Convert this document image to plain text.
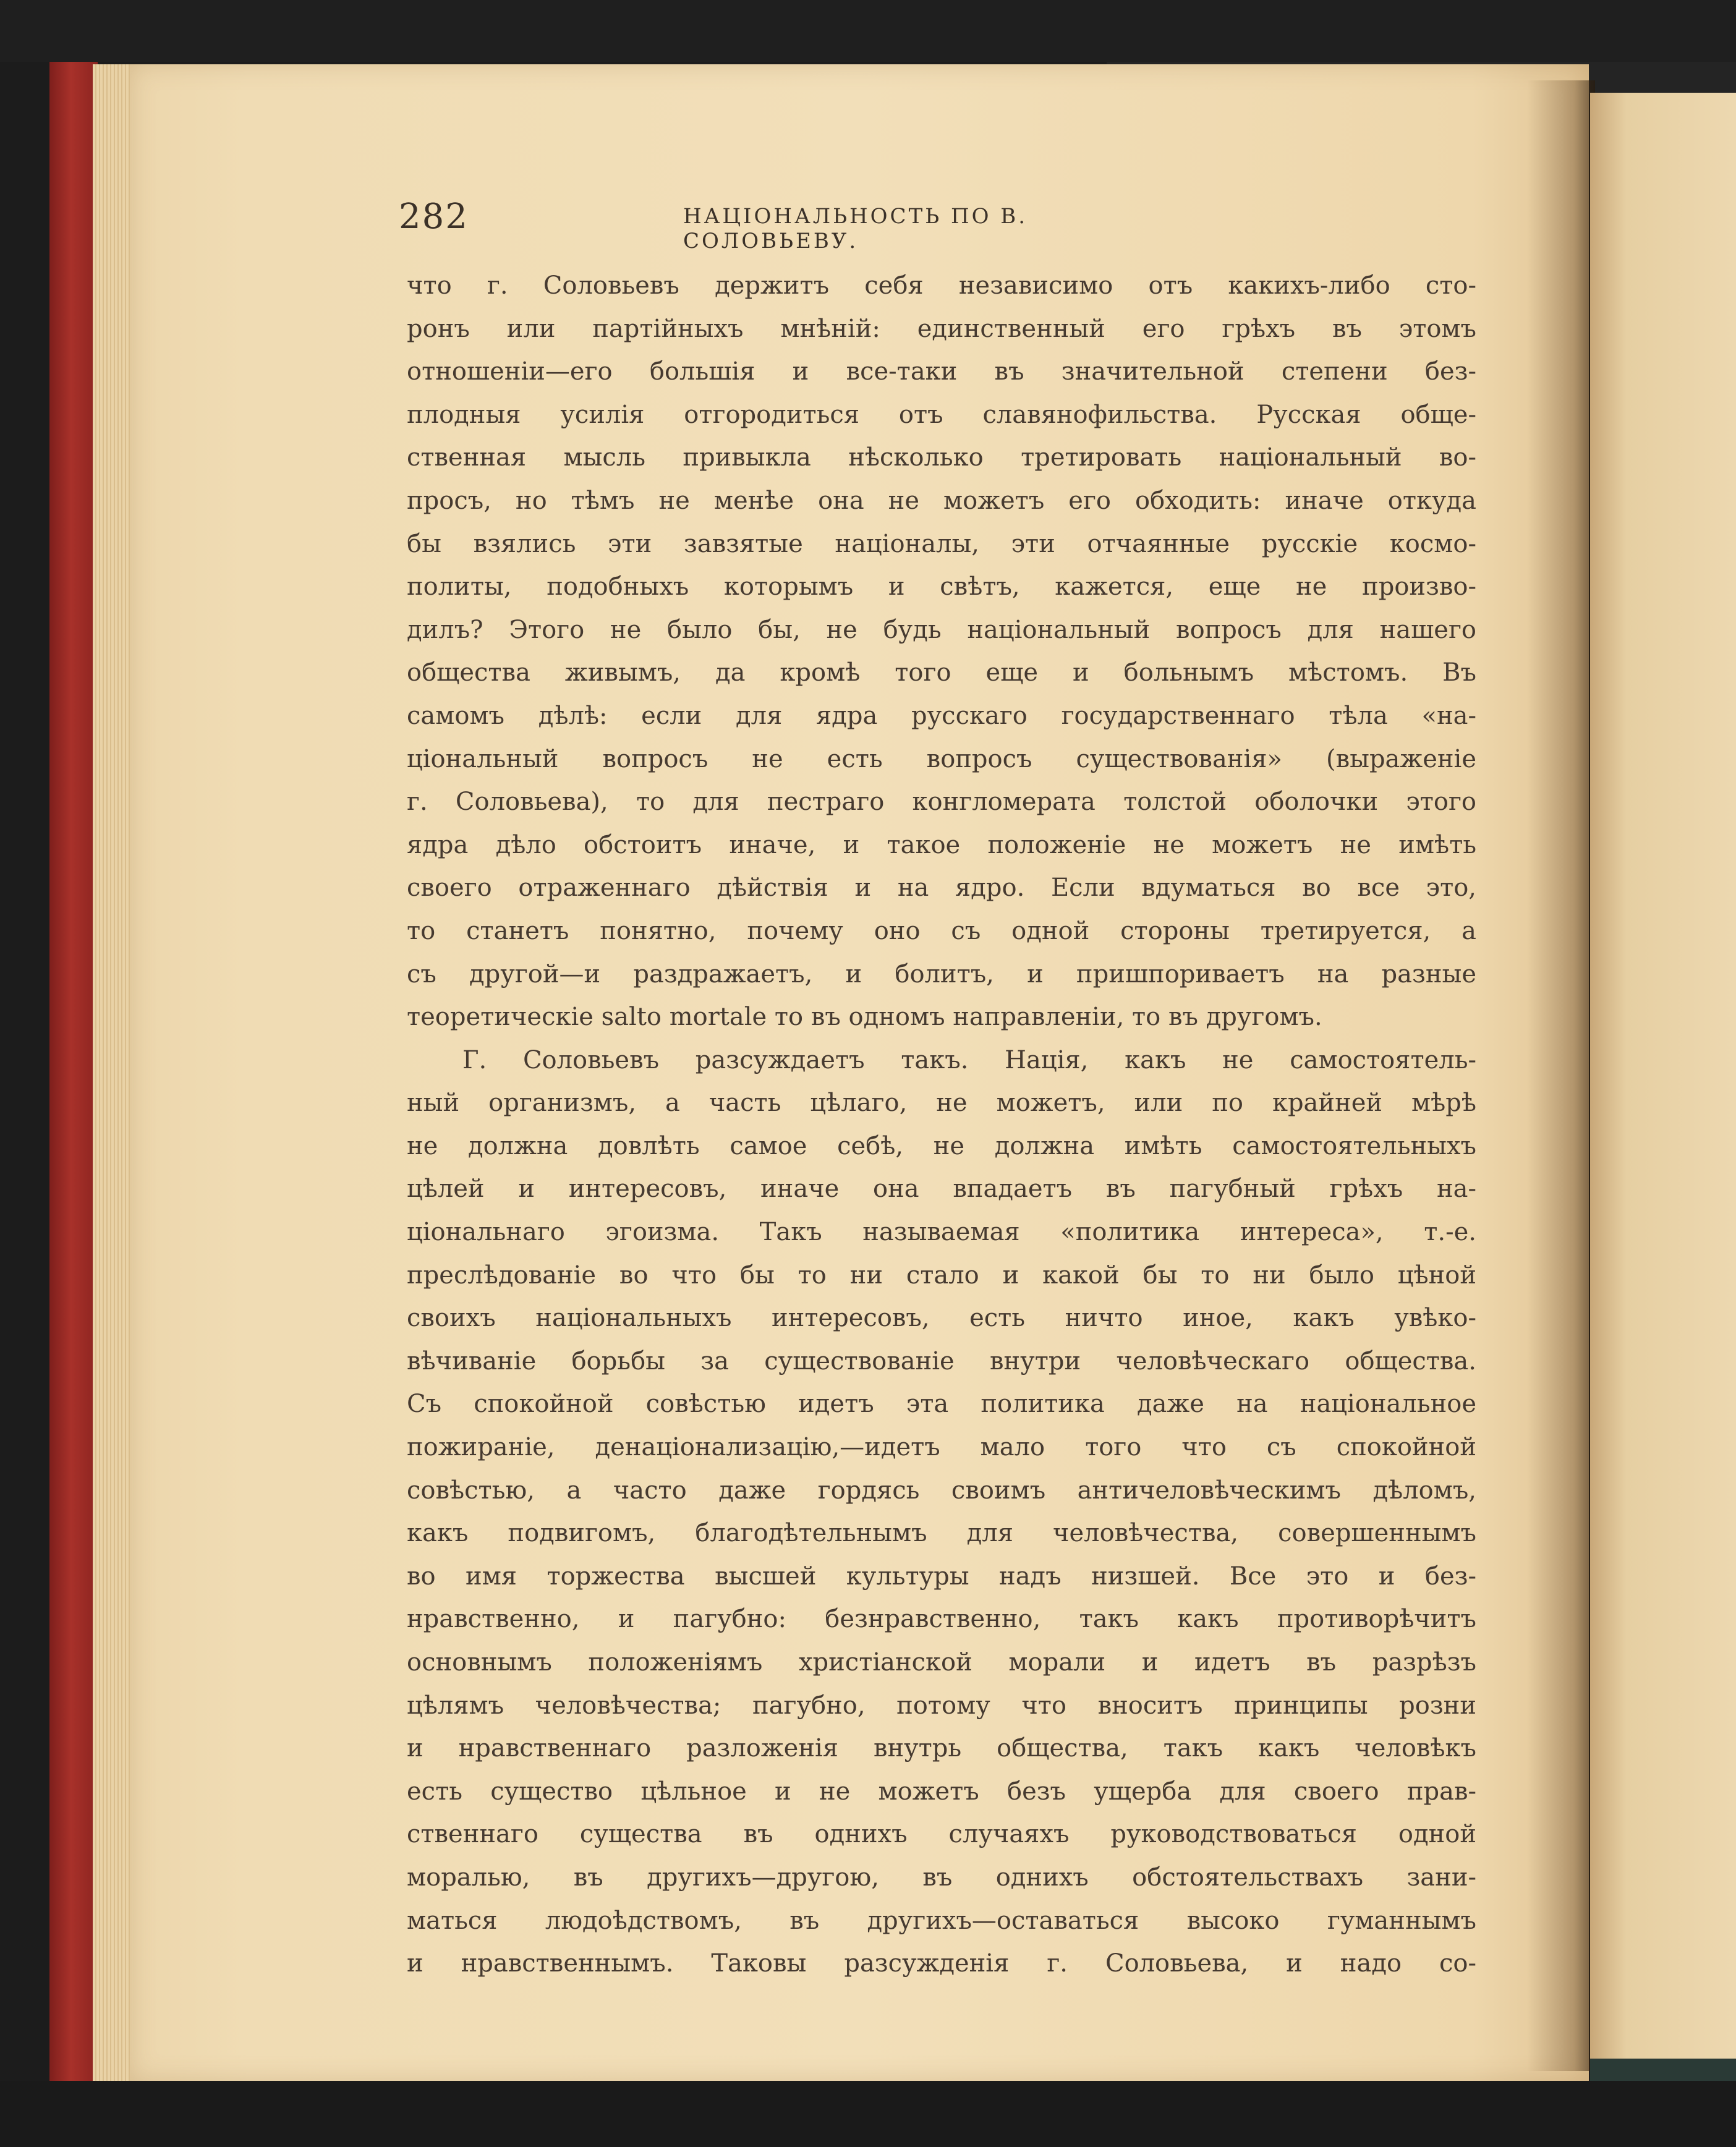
282	НАЦІОНАЛЬНОСТЬ ПО В. СОЛОВЬЕВУ.
что г. Соловьевъ держитъ себя независимо отъ какихъ-либо сто-
ронъ или партійныхъ мнѣній: единственный его грѣхъ въ этомъ
отношеніи—его большія и все-таки въ значительной степени без-
плодныя усилія отгородиться отъ славянофильства. Русская обще-
ственная мысль привыкла нѣсколько третировать національный во-
просъ, но тѣмъ не менѣе она не можетъ его обходить: иначе откуда
бы взялись эти завзятые націоналы, эти отчаянные русскіе космо-
политы, подобныхъ которымъ и свѣтъ, кажется, еще не произво-
дилъ? Этого не было бы, не будь національный вопросъ для нашего
общества живымъ, да кромѣ того еще и больнымъ мѣстомъ. Въ
самомъ дѣлѣ: если для ядра русскаго государственнаго тѣла «на-
ціональный вопросъ не есть вопросъ существованія» (выраженіе
г. Соловьева), то для пестраго конгломерата толстой оболочки этого
ядра дѣло обстоитъ иначе, и такое положеніе не можетъ не имѣть
своего отраженнаго дѣйствія и на ядро. Если вдуматься во все это,
то станетъ понятно, почему оно съ одной стороны третируется, а
съ другой—и раздражаетъ, и болитъ, и пришпориваетъ на разные
теоретическіе salto mortale то въ одномъ направленіи, то въ другомъ.
Г. Соловьевъ разсуждаетъ такъ. Нація, какъ не самостоятель-
ный организмъ, а часть цѣлаго, не можетъ, или по крайней мѣрѣ
не должна довлѣть самое себѣ, не должна имѣть самостоятельныхъ
цѣлей и интересовъ, иначе она впадаетъ въ пагубный грѣхъ на-
ціональнаго эгоизма. Такъ называемая «политика интереса», т.-е.
преслѣдованіе во что бы то ни стало и какой бы то ни было цѣной
своихъ національныхъ интересовъ, есть ничто иное, какъ увѣко-
вѣчиваніе борьбы за существованіе внутри человѣческаго общества.
Съ спокойной совѣстью идетъ эта политика даже на національное
пожираніе, денаціонализацію,—идетъ мало того что съ спокойной
совѣстью, а часто даже гордясь своимъ античеловѣческимъ дѣломъ,
какъ подвигомъ, благодѣтельнымъ для человѣчества, совершеннымъ
во имя торжества высшей культуры надъ низшей. Все это и без-
нравственно, и пагубно: безнравственно, такъ какъ противорѣчитъ
основнымъ положеніямъ христіанской морали и идетъ въ разрѣзъ
цѣлямъ человѣчества; пагубно, потому что вноситъ принципы розни
и нравственнаго разложенія внутрь общества, такъ какъ человѣкъ
есть существо цѣльное и не можетъ безъ ущерба для своего прав-
ственнаго существа въ однихъ случаяхъ руководствоваться одной
моралью, въ другихъ—другою, въ однихъ обстоятельствахъ зани-
маться людоѣдствомъ, въ другихъ—оставаться высоко гуманнымъ
и нравственнымъ. Таковы разсужденія г. Соловьева, и надо со-
